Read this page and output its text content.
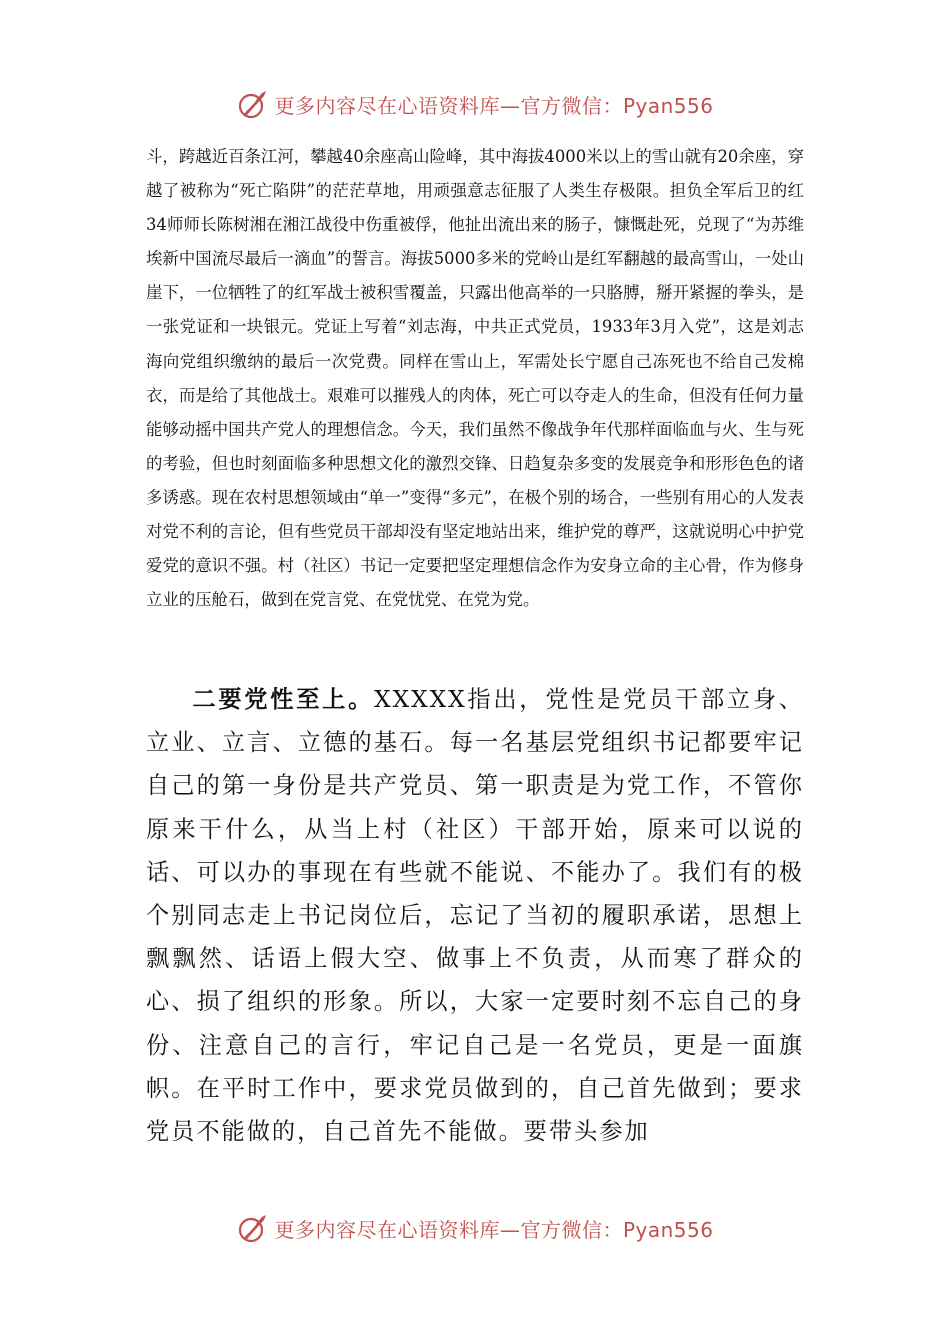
更多内容尽在心语资料库—官方微信：Pyan556

斗，跨越近百条江河，攀越40余座高山险峰，其中海拔4000米以上的雪山就有20余座，穿越了被称为“死亡陷阱”的茫茫草地，用顽强意志征服了人类生存极限。担负全军后卫的红34师师长陈树湘在湘江战役中伤重被俘，他扯出流出来的肠子，慷慨赴死，兑现了“为苏维埃新中国流尽最后一滴血”的誓言。海拔5000多米的党岭山是红军翻越的最高雪山，一处山崖下，一位牺牲了的红军战士被积雪覆盖，只露出他高举的一只胳膊，掰开紧握的拳头，是一张党证和一块银元。党证上写着“刘志海，中共正式党员，1933年3月入党”，这是刘志海向党组织缴纳的最后一次党费。同样在雪山上，军需处长宁愿自己冻死也不给自己发棉衣，而是给了其他战士。艰难可以摧残人的肉体，死亡可以夺走人的生命，但没有任何力量能够动摇中国共产党人的理想信念。今天，我们虽然不像战争年代那样面临血与火、生与死的考验，但也时刻面临多种思想文化的激烈交锋、日趋复杂多变的发展竞争和形形色色的诸多诱惑。现在农村思想领域由“单一”变得“多元”，在极个别的场合，一些别有用心的人发表对党不利的言论，但有些党员干部却没有坚定地站出来，维护党的尊严，这就说明心中护党爱党的意识不强。村（社区）书记一定要把坚定理想信念作为安身立命的主心骨，作为修身立业的压舱石，做到在党言党、在党忧党、在党为党。

二要党性至上。XXXXX指出，党性是党员干部立身、立业、立言、立德的基石。每一名基层党组织书记都要牢记自己的第一身份是共产党员、第一职责是为党工作，不管你原来干什么，从当上村（社区）干部开始，原来可以说的话、可以办的事现在有些就不能说、不能办了。我们有的极个别同志走上书记岗位后，忘记了当初的履职承诺，思想上飘飘然、话语上假大空、做事上不负责，从而寒了群众的心、损了组织的形象。所以，大家一定要时刻不忘自己的身份、注意自己的言行，牢记自己是一名党员，更是一面旗帜。在平时工作中，要求党员做到的，自己首先做到；要求党员不能做的，自己首先不能做。要带头参加

更多内容尽在心语资料库—官方微信：Pyan556
